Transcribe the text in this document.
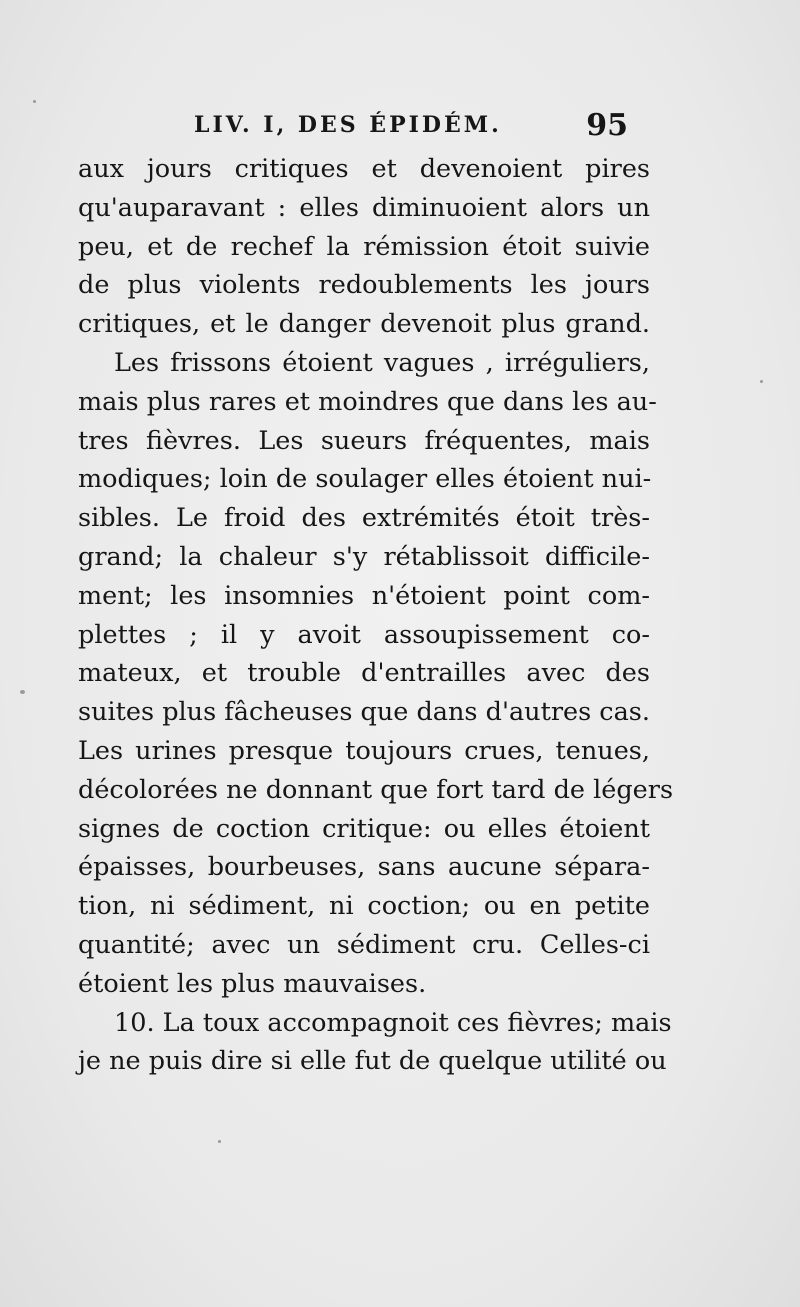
LIV. I, DES ÉPIDÉM.	95
aux jours critiques et devenoient pires
qu'auparavant : elles diminuoient alors un
peu, et de rechef la rémission étoit suivie
de plus violents redoublements les jours
critiques, et le danger devenoit plus grand.
Les frissons étoient vagues , irréguliers,
mais plus rares et moindres que dans les au-
tres fièvres. Les sueurs fréquentes, mais
modiques; loin de soulager elles étoient nui-
sibles. Le froid des extrémités étoit très-
grand; la chaleur s'y rétablissoit difficile-
ment; les insomnies n'étoient point com-
plettes ; il y avoit assoupissement co-
mateux, et trouble d'entrailles avec des
suites plus fâcheuses que dans d'autres cas.
Les urines presque toujours crues, tenues,
décolorées ne donnant que fort tard de légers
signes de coction critique: ou elles étoient
épaisses, bourbeuses, sans aucune sépara-
tion, ni sédiment, ni coction; ou en petite
quantité; avec un sédiment cru. Celles-ci
étoient les plus mauvaises.
10. La toux accompagnoit ces fièvres; mais
je ne puis dire si elle fut de quelque utilité ou
